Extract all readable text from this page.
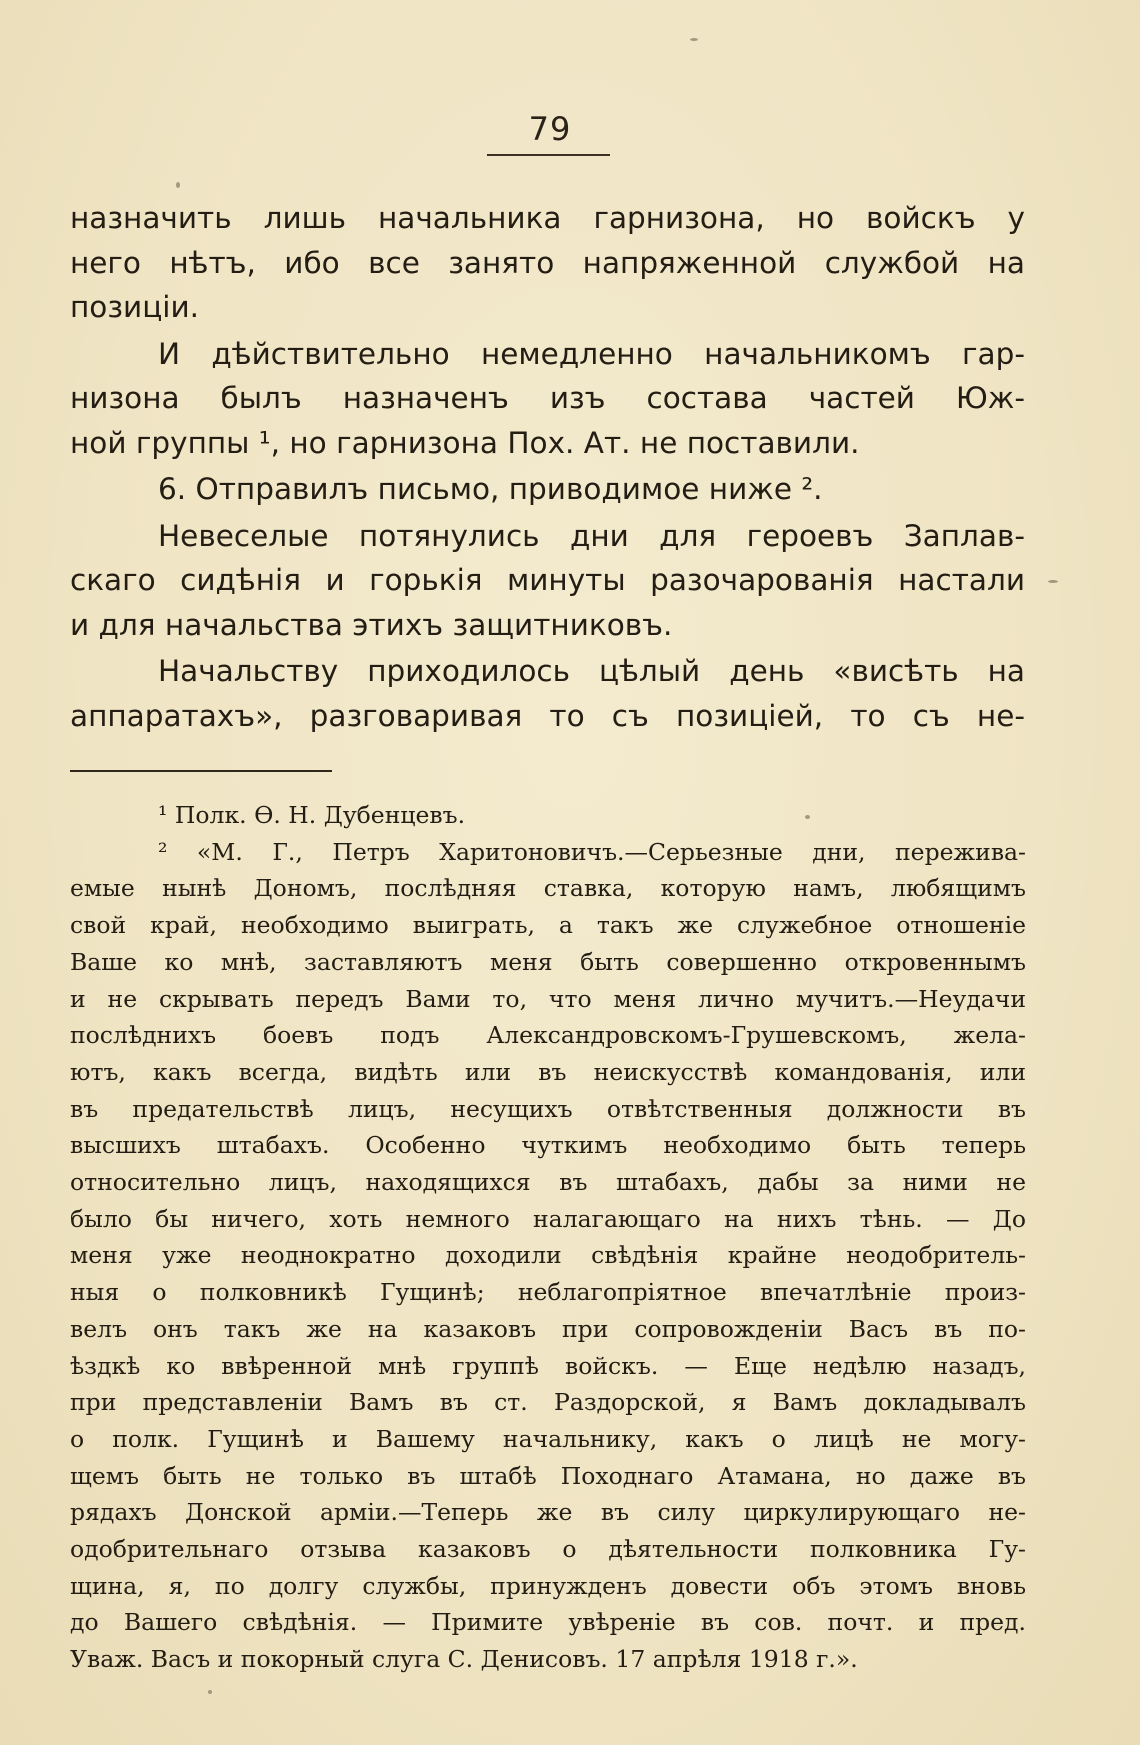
79

назначить лишь начальника гарнизона, но войскъ у

него нѣтъ, ибо все занято напряженной службой на

позиціи.

И дѣйствительно немедленно начальникомъ гар-

низона былъ назначенъ изъ состава частей Юж-

ной группы ¹, но гарнизона Пох. Ат. не поставили.

6. Отправилъ письмо, приводимое ниже ².

Невеселые потянулись дни для героевъ Заплав-

скаго сидѣнія и горькія минуты разочарованія настали

и для начальства этихъ защитниковъ.

Начальству приходилось цѣлый день «висѣть на

аппаратахъ», разговаривая то съ позиціей, то съ не-

¹ Полк. Ѳ. Н. Дубенцевъ.

² «М. Г., Петръ Харитоновичъ.—Серьезные дни, пережива-

емые нынѣ Дономъ, послѣдняя ставка, которую намъ, любящимъ

свой край, необходимо выиграть, а такъ же служебное отношеніе

Ваше ко мнѣ, заставляютъ меня быть совершенно откровеннымъ

и не скрывать передъ Вами то, что меня лично мучитъ.—Неудачи

послѣднихъ боевъ подъ Александровскомъ-Грушевскомъ, жела-

ютъ, какъ всегда, видѣть или въ неискусствѣ командованія, или

въ предательствѣ лицъ, несущихъ отвѣтственныя должности въ

высшихъ штабахъ. Особенно чуткимъ необходимо быть теперь

относительно лицъ, находящихся въ штабахъ, дабы за ними не

было бы ничего, хоть немного налагающаго на нихъ тѣнь. — До

меня уже неоднократно доходили свѣдѣнія крайне неодобритель-

ныя о полковникѣ Гущинѣ; неблагопріятное впечатлѣніе произ-

велъ онъ такъ же на казаковъ при сопровожденіи Васъ въ по-

ѣздкѣ ко ввѣренной мнѣ группѣ войскъ. — Еще недѣлю назадъ,

при представленіи Вамъ въ ст. Раздорской, я Вамъ докладывалъ

о полк. Гущинѣ и Вашему начальнику, какъ о лицѣ не могу-

щемъ быть не только въ штабѣ Походнаго Атамана, но даже въ

рядахъ Донской арміи.—Теперь же въ силу циркулирующаго не-

одобрительнаго отзыва казаковъ о дѣятельности полковника Гу-

щина, я, по долгу службы, принужденъ довести объ этомъ вновь

до Вашего свѣдѣнія. — Примите увѣреніе въ сов. почт. и пред.

Уваж. Васъ и покорный слуга С. Денисовъ. 17 апрѣля 1918 г.».
